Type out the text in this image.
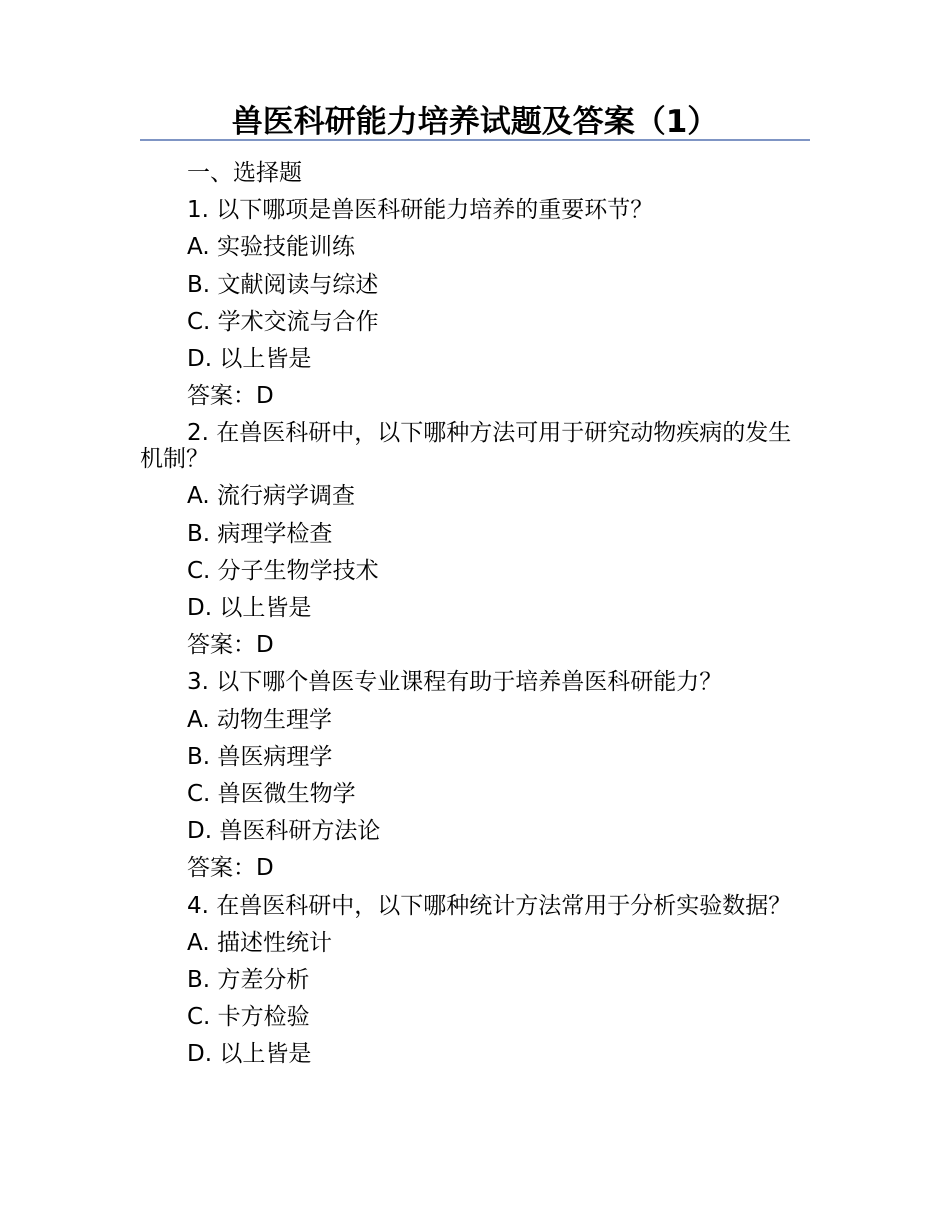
兽医科研能力培养试题及答案（1）

一、选择题

1. 以下哪项是兽医科研能力培养的重要环节？

A. 实验技能训练

B. 文献阅读与综述

C. 学术交流与合作

D. 以上皆是

答案：D

2. 在兽医科研中，以下哪种方法可用于研究动物疾病的发生机制？

A. 流行病学调查

B. 病理学检查

C. 分子生物学技术

D. 以上皆是

答案：D

3. 以下哪个兽医专业课程有助于培养兽医科研能力？

A. 动物生理学

B. 兽医病理学

C. 兽医微生物学

D. 兽医科研方法论

答案：D

4. 在兽医科研中，以下哪种统计方法常用于分析实验数据？

A. 描述性统计

B. 方差分析

C. 卡方检验

D. 以上皆是
